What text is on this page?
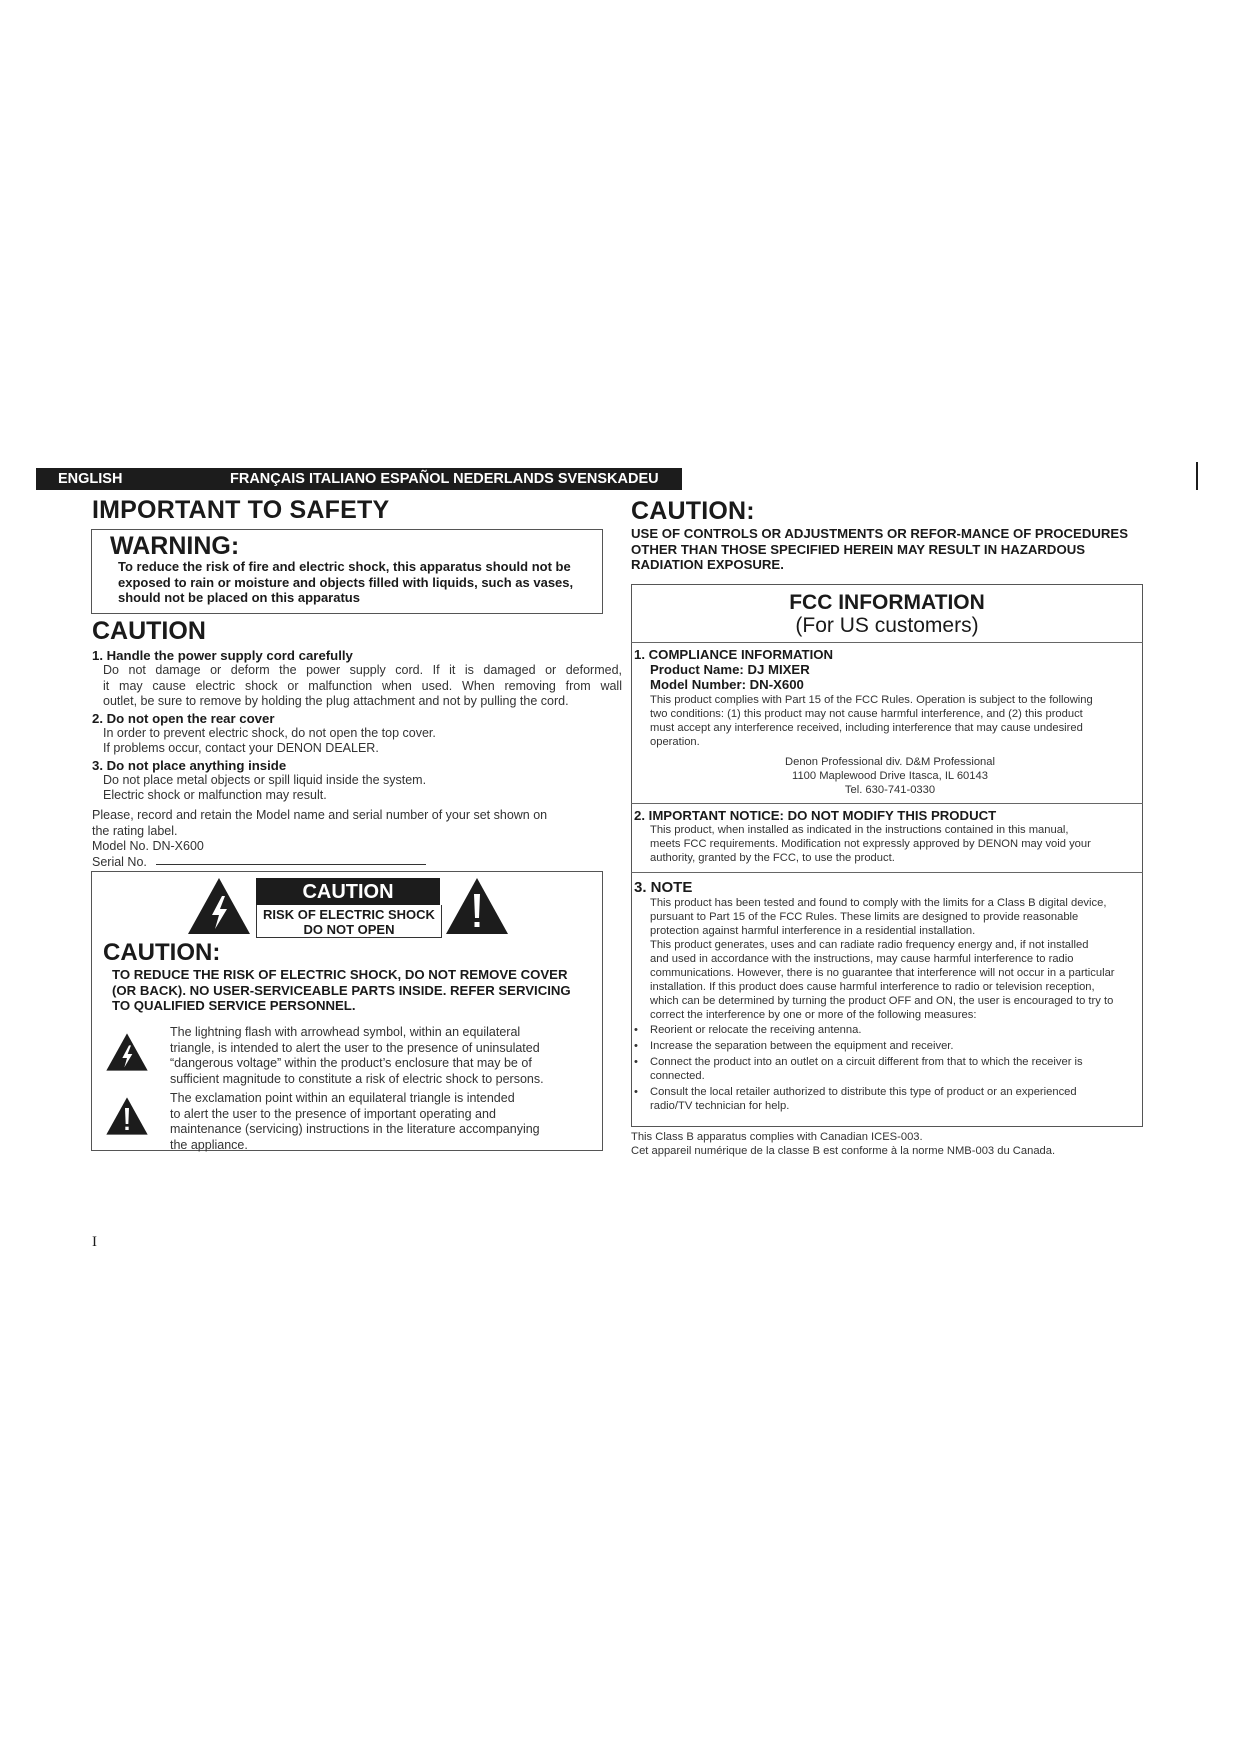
ENGLISH	FRANÇAIS ITALIANO ESPAÑOL NEDERLANDS SVENSKADEU
IMPORTANT TO SAFETY
WARNING:
To reduce the risk of fire and electric shock, this apparatus should not be
exposed to rain or moisture and objects filled with liquids, such as vases,
should not be placed on this apparatus
CAUTION
1. Handle the power supply cord carefully
Do not damage or deform the power supply cord. If it is damaged or deformed,
it may cause electric shock or malfunction when used. When removing from wall
outlet, be sure to remove by holding the plug attachment and not by pulling the cord.
2. Do not open the rear cover
In order to prevent electric shock, do not open the top cover.
If problems occur, contact your DENON DEALER.
3. Do not place anything inside
Do not place metal objects or spill liquid inside the system.
Electric shock or malfunction may result.
Please, record and retain the Model name and serial number of your set shown on
the rating label.
Model No. DN-X600
Serial No.
CAUTION
RISK OF ELECTRIC SHOCK
DO NOT OPEN
CAUTION:
TO REDUCE THE RISK OF ELECTRIC SHOCK, DO NOT REMOVE COVER
(OR BACK). NO USER-SERVICEABLE PARTS INSIDE. REFER SERVICING
TO QUALIFIED SERVICE PERSONNEL.
The lightning flash with arrowhead symbol, within an equilateral
triangle, is intended to alert the user to the presence of uninsulated
“dangerous voltage” within the product’s enclosure that may be of
sufficient magnitude to constitute a risk of electric shock to persons.
The exclamation point within an equilateral triangle is intended
to alert the user to the presence of important operating and
maintenance (servicing) instructions in the literature accompanying
the appliance.
I
CAUTION:
USE OF CONTROLS OR ADJUSTMENTS OR REFOR-MANCE OF PROCEDURES
OTHER THAN THOSE SPECIFIED HEREIN MAY RESULT IN HAZARDOUS
RADIATION EXPOSURE.
FCC INFORMATION
(For US customers)
1. COMPLIANCE INFORMATION
Product Name: DJ MIXER
Model Number: DN-X600
This product complies with Part 15 of the FCC Rules. Operation is subject to the following
two conditions: (1) this product may not cause harmful interference, and (2) this product
must accept any interference received, including interference that may cause undesired
operation.
Denon Professional div. D&M Professional
1100 Maplewood Drive Itasca, IL 60143
Tel. 630-741-0330
2. IMPORTANT NOTICE: DO NOT MODIFY THIS PRODUCT
This product, when installed as indicated in the instructions contained in this manual,
meets FCC requirements. Modification not expressly approved by DENON may void your
authority, granted by the FCC, to use the product.
3. NOTE
This product has been tested and found to comply with the limits for a Class B digital device,
pursuant to Part 15 of the FCC Rules. These limits are designed to provide reasonable
protection against harmful interference in a residential installation.
This product generates, uses and can radiate radio frequency energy and, if not installed
and used in accordance with the instructions, may cause harmful interference to radio
communications. However, there is no guarantee that interference will not occur in a particular
installation. If this product does cause harmful interference to radio or television reception,
which can be determined by turning the product OFF and ON, the user is encouraged to try to
correct the interference by one or more of the following measures:
• Reorient or relocate the receiving antenna.
• Increase the separation between the equipment and receiver.
• Connect the product into an outlet on a circuit different from that to which the receiver is
connected.
• Consult the local retailer authorized to distribute this type of product or an experienced
radio/TV technician for help.
This Class B apparatus complies with Canadian ICES-003.
Cet appareil numérique de la classe B est conforme à la norme NMB-003 du Canada.
